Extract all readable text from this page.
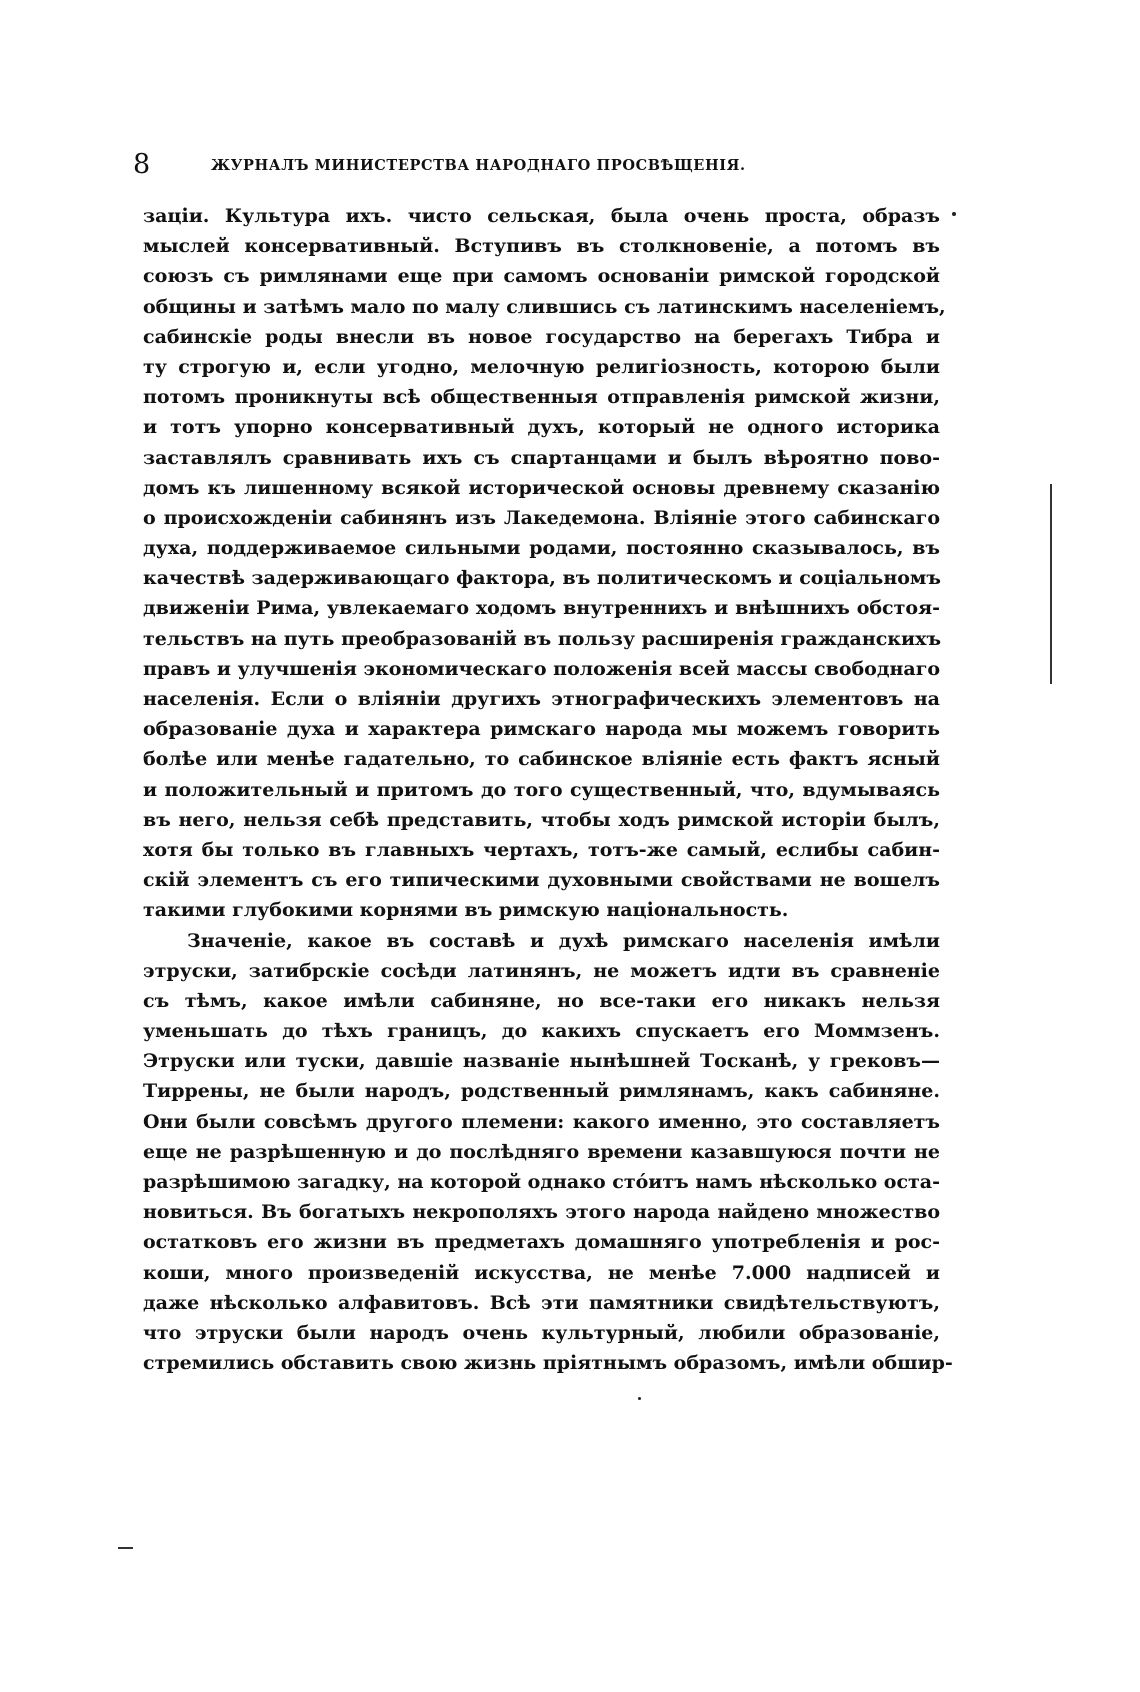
8	ЖУРНАЛЪ МИНИСТЕРСТВА НАРОДНАГО ПРОСВѢЩЕНІЯ.
заціи. Культура ихъ. чисто сельская, была очень проста, образъ
мыслей консервативный. Вступивъ въ столкновеніе, а потомъ въ
союзъ съ римлянами еще при самомъ основаніи римской городской
общины и затѣмъ мало по малу слившись съ латинскимъ населеніемъ,
сабинскіе роды внесли въ новое государство на берегахъ Тибра и
ту строгую и, если угодно, мелочную религіозность, которою были
потомъ проникнуты всѣ общественныя отправленія римской жизни,
и тотъ упорно консервативный духъ, который не одного историка
заставлялъ сравнивать ихъ съ спартанцами и былъ вѣроятно пово-
домъ къ лишенному всякой исторической основы древнему сказанію
о происхожденіи сабинянъ изъ Лакедемона. Вліяніе этого сабинскаго
духа, поддерживаемое сильными родами, постоянно сказывалось, въ
качествѣ задерживающаго фактора, въ политическомъ и соціальномъ
движеніи Рима, увлекаемаго ходомъ внутреннихъ и внѣшнихъ обстоя-
тельствъ на путь преобразованій въ пользу расширенія гражданскихъ
правъ и улучшенія экономическаго положенія всей массы свободнаго
населенія. Если о вліяніи другихъ этнографическихъ элементовъ на
образованіе духа и характера римскаго народа мы можемъ говорить
болѣе или менѣе гадательно, то сабинское вліяніе есть фактъ ясный
и положительный и притомъ до того существенный, что, вдумываясь
въ него, нельзя себѣ представить, чтобы ходъ римской исторіи былъ,
хотя бы только въ главныхъ чертахъ, тотъ-же самый, еслибы сабин-
скій элементъ съ его типическими духовными свойствами не вошелъ
такими глубокими корнями въ римскую національность.
Значеніе, какое въ составѣ и духѣ римскаго населенія имѣли
этруски, затибрскіе сосѣди латинянъ, не можетъ идти въ сравненіе
съ тѣмъ, какое имѣли сабиняне, но все-таки его никакъ нельзя
уменьшать до тѣхъ границъ, до какихъ спускаетъ его Моммзенъ.
Этруски или туски, давшіе названіе нынѣшней Тосканѣ, у грековъ—
Тиррены, не были народъ, родственный римлянамъ, какъ сабиняне.
Они были совсѣмъ другого племени: какого именно, это составляетъ
еще не разрѣшенную и до послѣдняго времени казавшуюся почти не
разрѣшимою загадку, на которой однако стóитъ намъ нѣсколько оста-
новиться. Въ богатыхъ некрополяхъ этого народа найдено множество
остатковъ его жизни въ предметахъ домашняго употребленія и рос-
коши, много произведеній искусства, не менѣе 7.000 надписей и
даже нѣсколько алфавитовъ. Всѣ эти памятники свидѣтельствуютъ,
что этруски были народъ очень культурный, любили образованіе,
стремились обставить свою жизнь пріятнымъ образомъ, имѣли обшир-
